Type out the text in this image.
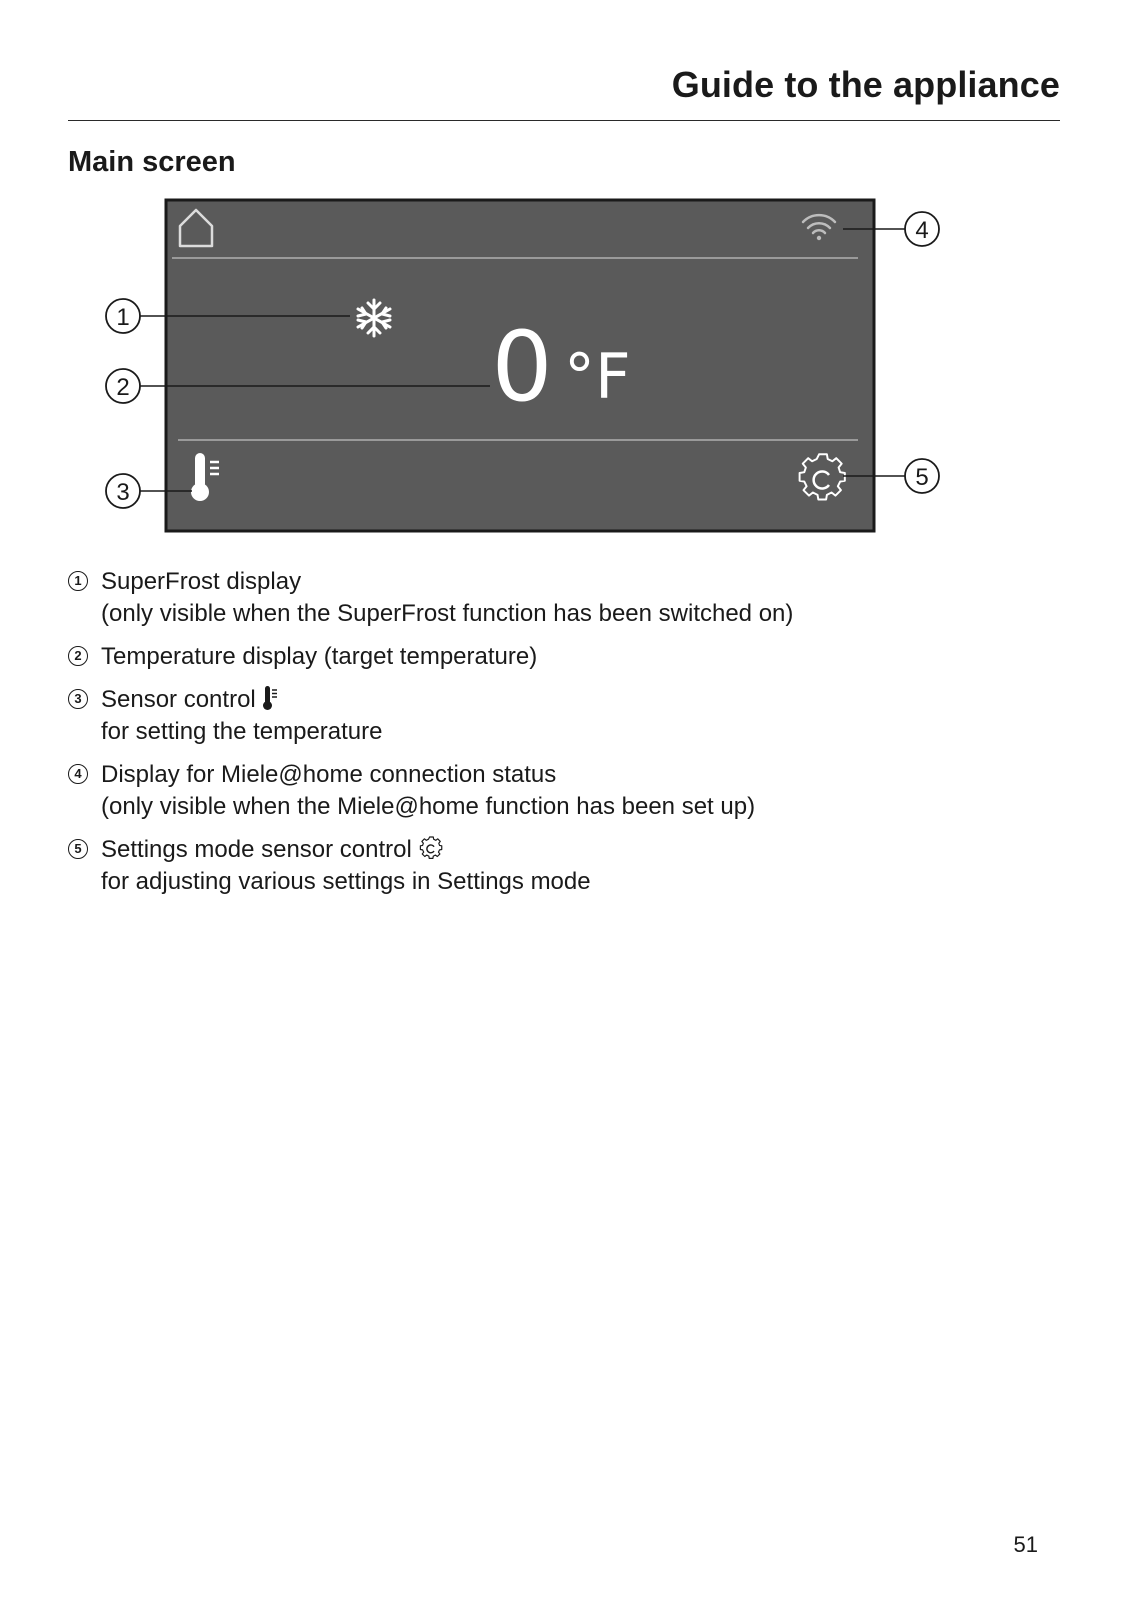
Guide to the appliance
Main screen
0 °F
1
2
3
4
5
1 SuperFrost display
(only visible when the SuperFrost function has been switched on)
2 Temperature display (target temperature)
3 Sensor control
for setting the temperature
4 Display for Miele@home connection status
(only visible when the Miele@home function has been set up)
5 Settings mode sensor control
for adjusting various settings in Settings mode
51
